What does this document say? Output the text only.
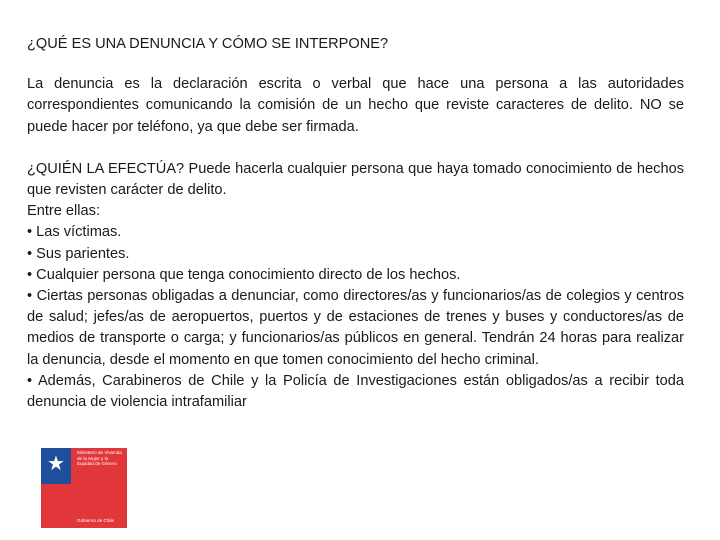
¿QUÉ ES UNA DENUNCIA Y CÓMO SE INTERPONE?

La denuncia es la declaración escrita o verbal que hace una persona a las autoridades correspondientes comunicando la comisión de un hecho que reviste caracteres de delito. NO se puede hacer por teléfono, ya que debe ser firmada.

¿QUIÉN LA EFECTÚA? Puede hacerla cualquier persona que haya tomado conocimiento de hechos que revisten carácter de delito.

Entre ellas:

• Las víctimas.

• Sus parientes.

• Cualquier persona que tenga conocimiento directo de los hechos.

• Ciertas personas obligadas a denunciar, como directores/as y funcionarios/as de colegios y centros de salud; jefes/as de aeropuertos, puertos y de estaciones de trenes y buses y conductores/as de medios de transporte o carga; y funcionarios/as públicos en general. Tendrán 24 horas para realizar la denuncia, desde el momento en que tomen conocimiento del hecho criminal.

• Además, Carabineros de Chile y la Policía de Investigaciones están obligados/as a recibir toda denuncia de violencia intrafamiliar

★
Ministerio de Vivienda de la Mujer y la Equidad de Género
Gobierno de Chile
